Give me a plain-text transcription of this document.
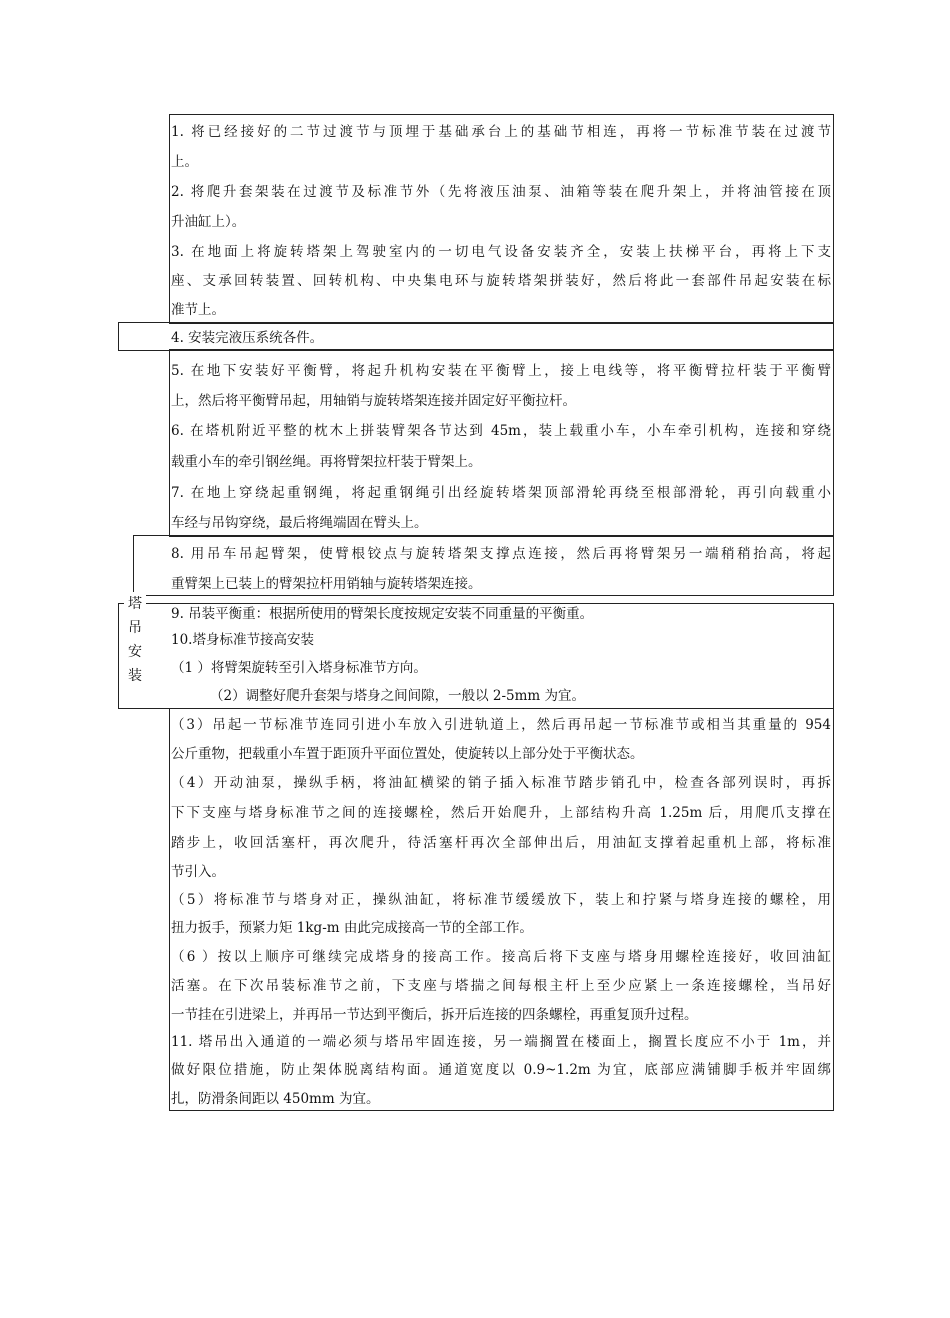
塔
吊
安
装
1. 将已经接好的二节过渡节与顶埋于基础承台上的基础节相连，再将一节标准节装在过渡节
上。
2. 将爬升套架装在过渡节及标准节外（先将液压油泵、油箱等装在爬升架上，并将油管接在顶
升油缸上）。
3. 在地面上将旋转塔架上驾驶室内的一切电气设备安装齐全，安装上扶梯平台，再将上下支
座、支承回转装置、回转机构、中央集电环与旋转塔架拼装好，然后将此一套部件吊起安装在标
准节上。
4. 安装完液压系统各件。
5. 在地下安装好平衡臂，将起升机构安装在平衡臂上，接上电线等，将平衡臂拉杆装于平衡臂
上，然后将平衡臂吊起，用轴销与旋转塔架连接并固定好平衡拉杆。
6. 在塔机附近平整的枕木上拼装臂架各节达到 45m，装上载重小车，小车牵引机构，连接和穿绕
载重小车的牵引钢丝绳。再将臂架拉杆装于臂架上。
7. 在地上穿绕起重钢绳，将起重钢绳引出经旋转塔架顶部滑轮再绕至根部滑轮，再引向载重小
车经与吊钩穿绕，最后将绳端固在臂头上。
8. 用吊车吊起臂架，使臂根铰点与旋转塔架支撑点连接，然后再将臂架另一端稍稍抬高，将起
重臂架上已装上的臂架拉杆用销轴与旋转塔架连接。
9. 吊装平衡重：根据所使用的臂架长度按规定安装不同重量的平衡重。
10.塔身标准节接高安装
（1 ）将臂架旋转至引入塔身标准节方向。
（2）调整好爬升套架与塔身之间间隙，一般以 2-5mm 为宜。
（3）吊起一节标准节连同引进小车放入引进轨道上，然后再吊起一节标准节或相当其重量的 954
公斤重物，把载重小车置于距顶升平面位置处，使旋转以上部分处于平衡状态。
（4）开动油泵，操纵手柄，将油缸横梁的销子插入标准节踏步销孔中，检查各部列误时，再拆
下下支座与塔身标准节之间的连接螺栓，然后开始爬升，上部结构升高 1.25m 后，用爬爪支撑在
踏步上，收回活塞杆，再次爬升，待活塞杆再次全部伸出后，用油缸支撑着起重机上部，将标准
节引入。
（5）将标准节与塔身对正，操纵油缸，将标准节缓缓放下，装上和拧紧与塔身连接的螺栓，用
扭力扳手，预紧力矩 1kg-m 由此完成接高一节的全部工作。
（6 ）按以上顺序可继续完成塔身的接高工作。接高后将下支座与塔身用螺栓连接好，收回油缸
活塞。在下次吊装标准节之前，下支座与塔揣之间每根主杆上至少应紧上一条连接螺栓，当吊好
一节挂在引进梁上，并再吊一节达到平衡后，拆开后连接的四条螺栓，再重复顶升过程。
11. 塔吊出入通道的一端必须与塔吊牢固连接，另一端搁置在楼面上，搁置长度应不小于 1m，并
做好限位措施，防止架体脱离结构面。通道宽度以 0.9~1.2m 为宜，底部应满铺脚手板并牢固绑
扎，防滑条间距以 450mm 为宜。
